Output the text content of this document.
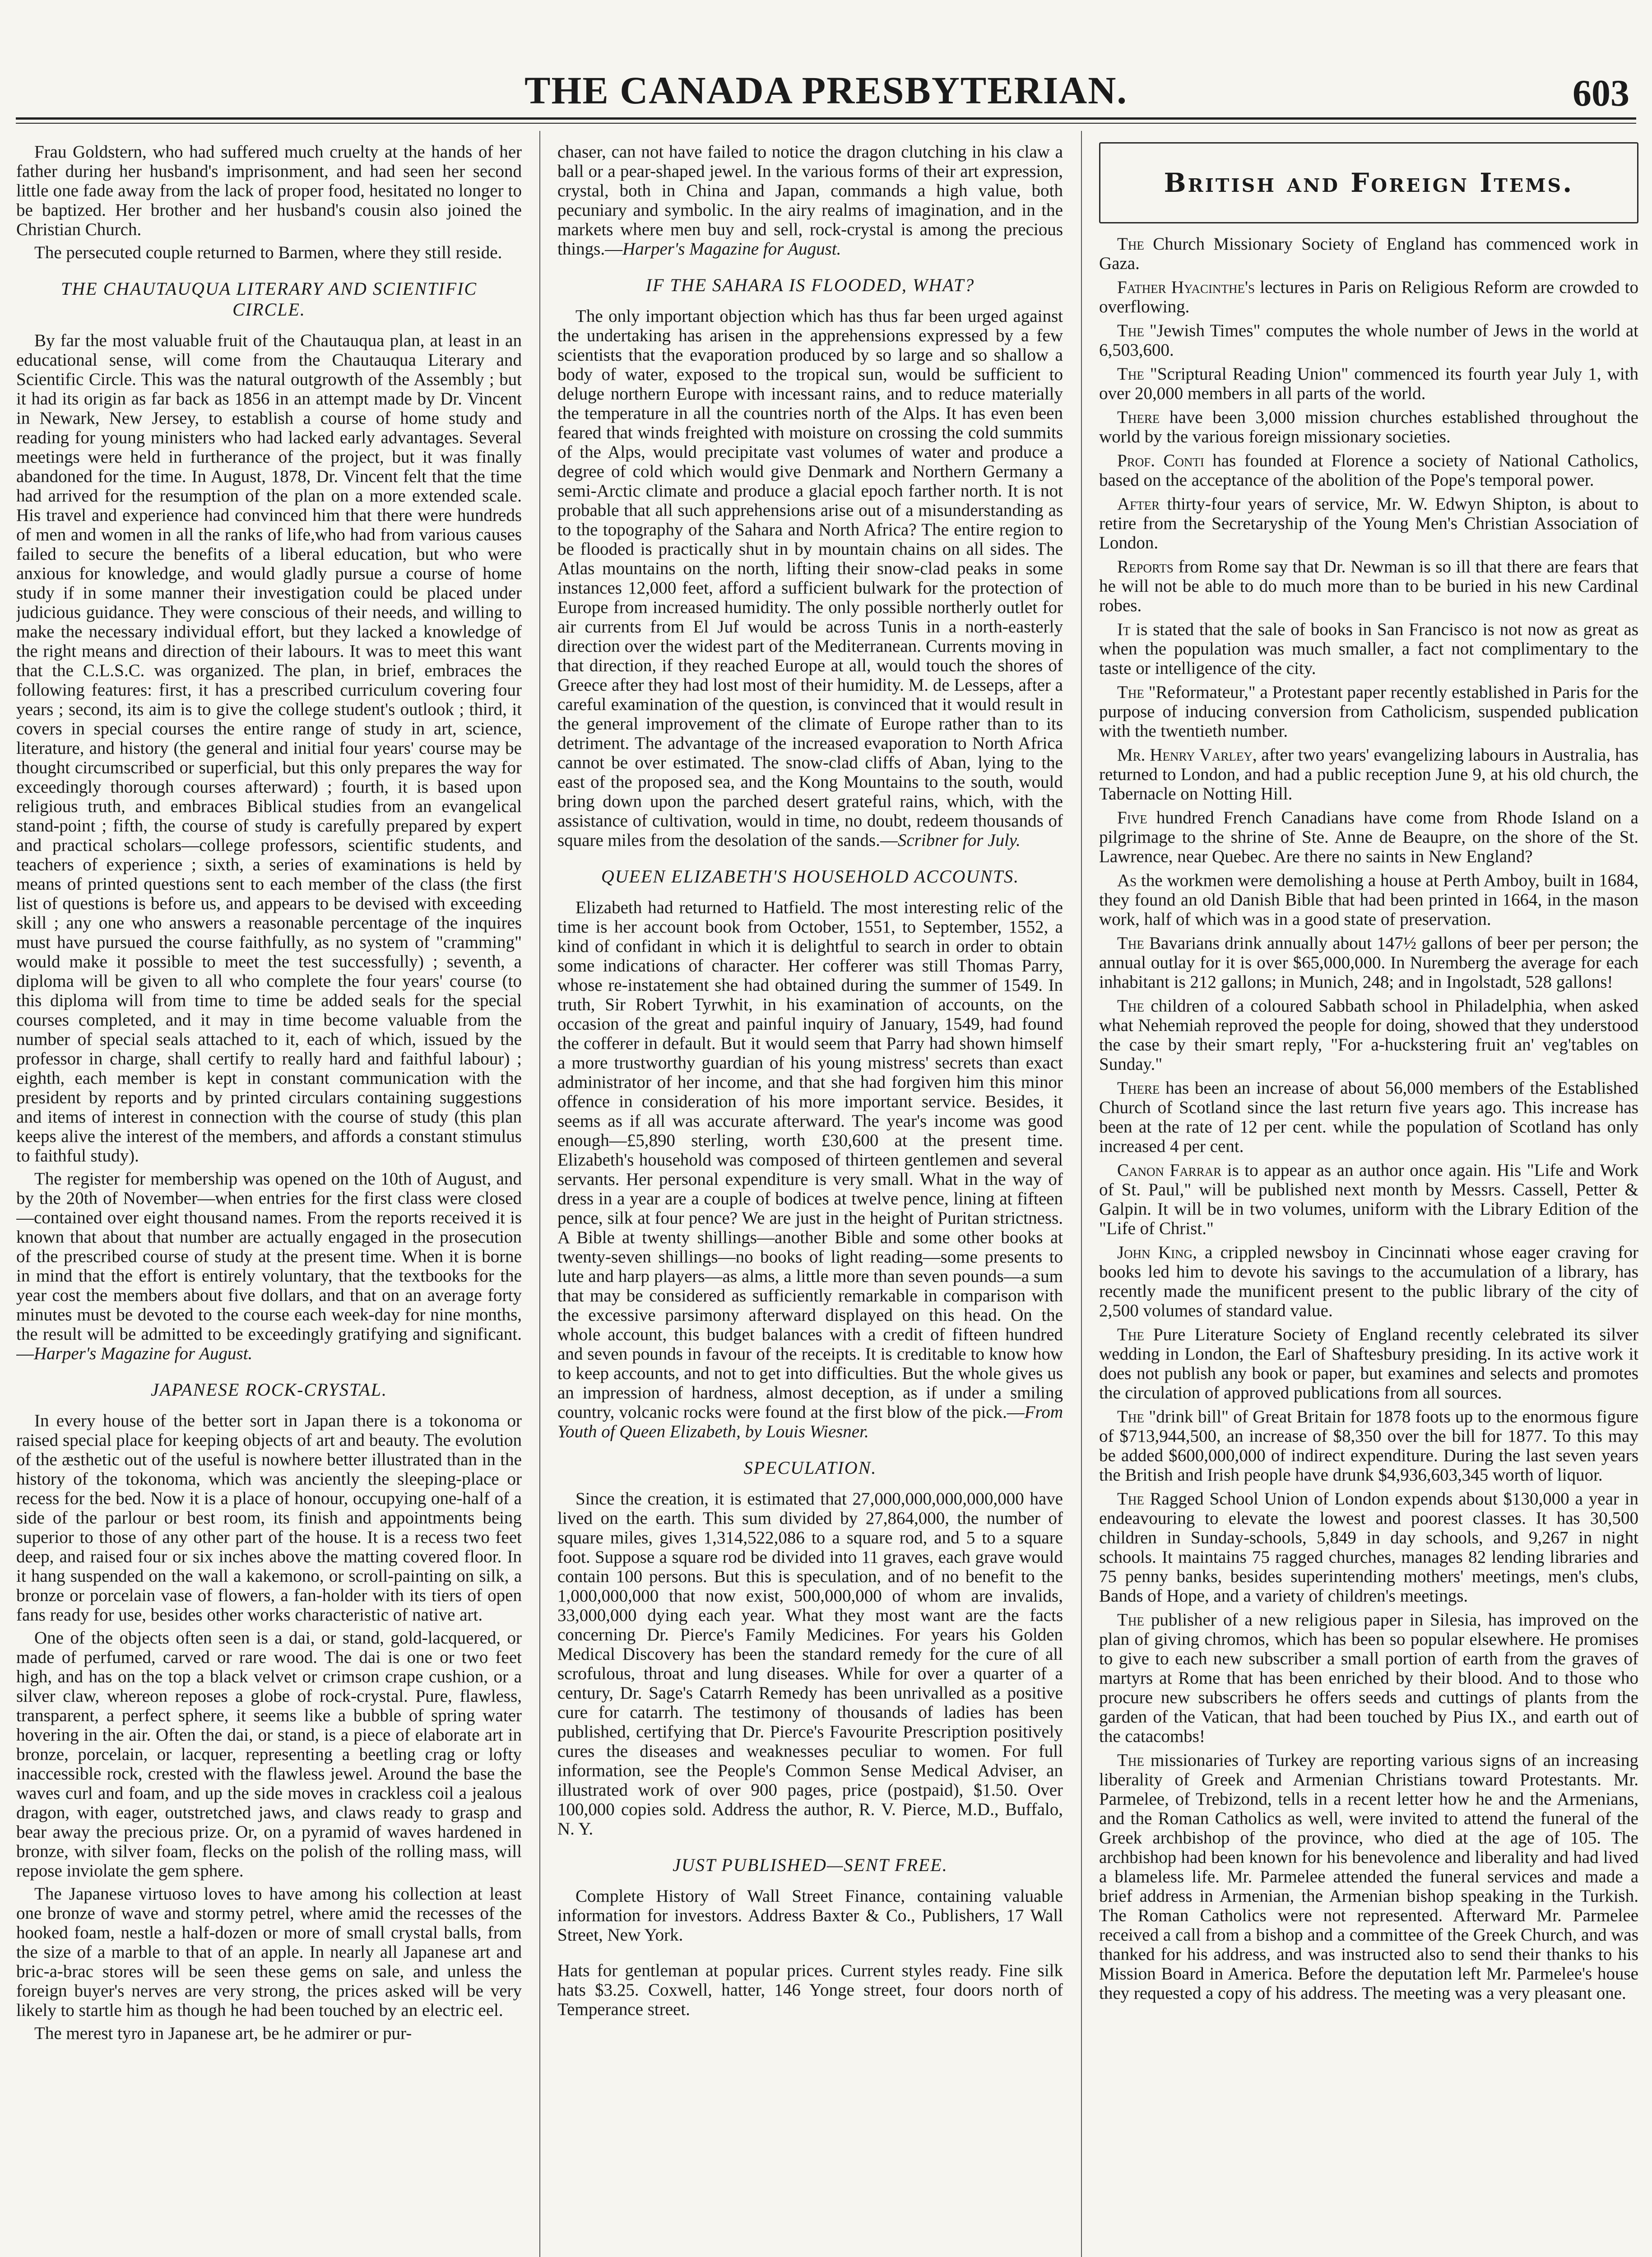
THE CANADA PRESBYTERIAN.	603

Frau Goldstern, who had suffered much cruelty at the hands of her father during her husband's imprisonment, and had seen her second little one fade away from the lack of proper food, hesitated no longer to be baptized. Her brother and her husband's cousin also joined the Christian Church.

The persecuted couple returned to Barmen, where they still reside.

THE CHAUTAUQUA LITERARY AND SCIENTIFIC CIRCLE.

By far the most valuable fruit of the Chautauqua plan, at least in an educational sense, will come from the Chautauqua Literary and Scientific Circle. This was the natural outgrowth of the Assembly ; but it had its origin as far back as 1856 in an attempt made by Dr. Vincent in Newark, New Jersey, to establish a course of home study and reading for young ministers who had lacked early advantages. Several meetings were held in furtherance of the project, but it was finally abandoned for the time. In August, 1878, Dr. Vincent felt that the time had arrived for the resumption of the plan on a more extended scale. His travel and experience had convinced him that there were hundreds of men and women in all the ranks of life,who had from various causes failed to secure the benefits of a liberal education, but who were anxious for knowledge, and would gladly pursue a course of home study if in some manner their investigation could be placed under judicious guidance. They were conscious of their needs, and willing to make the necessary individual effort, but they lacked a knowledge of the right means and direction of their labours. It was to meet this want that the C.L.S.C. was organized. The plan, in brief, embraces the following features: first, it has a prescribed curriculum covering four years ; second, its aim is to give the college student's outlook ; third, it covers in special courses the entire range of study in art, science, literature, and history (the general and initial four years' course may be thought circumscribed or superficial, but this only prepares the way for exceedingly thorough courses afterward) ; fourth, it is based upon religious truth, and embraces Biblical studies from an evangelical stand-point ; fifth, the course of study is carefully prepared by expert and practical scholars—college professors, scientific students, and teachers of experience ; sixth, a series of examinations is held by means of printed questions sent to each member of the class (the first list of questions is before us, and appears to be devised with exceeding skill ; any one who answers a reasonable percentage of the inquires must have pursued the course faithfully, as no system of "cramming" would make it possible to meet the test successfully) ; seventh, a diploma will be given to all who complete the four years' course (to this diploma will from time to time be added seals for the special courses completed, and it may in time become valuable from the number of special seals attached to it, each of which, issued by the professor in charge, shall certify to really hard and faithful labour) ; eighth, each member is kept in constant communication with the president by reports and by printed circulars containing suggestions and items of interest in connection with the course of study (this plan keeps alive the interest of the members, and affords a constant stimulus to faithful study).

The register for membership was opened on the 10th of August, and by the 20th of November—when entries for the first class were closed—contained over eight thousand names. From the reports received it is known that about that number are actually engaged in the prosecution of the prescribed course of study at the present time. When it is borne in mind that the effort is entirely voluntary, that the textbooks for the year cost the members about five dollars, and that on an average forty minutes must be devoted to the course each week-day for nine months, the result will be admitted to be exceedingly gratifying and significant.—Harper's Magazine for August.

JAPANESE ROCK-CRYSTAL.

In every house of the better sort in Japan there is a tokonoma or raised special place for keeping objects of art and beauty. The evolution of the æsthetic out of the useful is nowhere better illustrated than in the history of the tokonoma, which was anciently the sleeping-place or recess for the bed. Now it is a place of honour, occupying one-half of a side of the parlour or best room, its finish and appointments being superior to those of any other part of the house. It is a recess two feet deep, and raised four or six inches above the matting covered floor. In it hang suspended on the wall a kakemono, or scroll-painting on silk, a bronze or porcelain vase of flowers, a fan-holder with its tiers of open fans ready for use, besides other works characteristic of native art.

One of the objects often seen is a dai, or stand, gold-lacquered, or made of perfumed, carved or rare wood. The dai is one or two feet high, and has on the top a black velvet or crimson crape cushion, or a silver claw, whereon reposes a globe of rock-crystal. Pure, flawless, transparent, a perfect sphere, it seems like a bubble of spring water hovering in the air. Often the dai, or stand, is a piece of elaborate art in bronze, porcelain, or lacquer, representing a beetling crag or lofty inaccessible rock, crested with the flawless jewel. Around the base the waves curl and foam, and up the side moves in crackless coil a jealous dragon, with eager, outstretched jaws, and claws ready to grasp and bear away the precious prize. Or, on a pyramid of waves hardened in bronze, with silver foam, flecks on the polish of the rolling mass, will repose inviolate the gem sphere.

The Japanese virtuoso loves to have among his collection at least one bronze of wave and stormy petrel, where amid the recesses of the hooked foam, nestle a half-dozen or more of small crystal balls, from the size of a marble to that of an apple. In nearly all Japanese art and bric-a-brac stores will be seen these gems on sale, and unless the foreign buyer's nerves are very strong, the prices asked will be very likely to startle him as though he had been touched by an electric eel.

The merest tyro in Japanese art, be he admirer or pur-

chaser, can not have failed to notice the dragon clutching in his claw a ball or a pear-shaped jewel. In the various forms of their art expression, crystal, both in China and Japan, commands a high value, both pecuniary and symbolic. In the airy realms of imagination, and in the markets where men buy and sell, rock-crystal is among the precious things.—Harper's Magazine for August.

IF THE SAHARA IS FLOODED, WHAT?

The only important objection which has thus far been urged against the undertaking has arisen in the apprehensions expressed by a few scientists that the evaporation produced by so large and so shallow a body of water, exposed to the tropical sun, would be sufficient to deluge northern Europe with incessant rains, and to reduce materially the temperature in all the countries north of the Alps. It has even been feared that winds freighted with moisture on crossing the cold summits of the Alps, would precipitate vast volumes of water and produce a degree of cold which would give Denmark and Northern Germany a semi-Arctic climate and produce a glacial epoch farther north. It is not probable that all such apprehensions arise out of a misunderstanding as to the topography of the Sahara and North Africa? The entire region to be flooded is practically shut in by mountain chains on all sides. The Atlas mountains on the north, lifting their snow-clad peaks in some instances 12,000 feet, afford a sufficient bulwark for the protection of Europe from increased humidity. The only possible northerly outlet for air currents from El Juf would be across Tunis in a north-easterly direction over the widest part of the Mediterranean. Currents moving in that direction, if they reached Europe at all, would touch the shores of Greece after they had lost most of their humidity. M. de Lesseps, after a careful examination of the question, is convinced that it would result in the general improvement of the climate of Europe rather than to its detriment. The advantage of the increased evaporation to North Africa cannot be over estimated. The snow-clad cliffs of Aban, lying to the east of the proposed sea, and the Kong Mountains to the south, would bring down upon the parched desert grateful rains, which, with the assistance of cultivation, would in time, no doubt, redeem thousands of square miles from the desolation of the sands.—Scribner for July.

QUEEN ELIZABETH'S HOUSEHOLD ACCOUNTS.

Elizabeth had returned to Hatfield. The most interesting relic of the time is her account book from October, 1551, to September, 1552, a kind of confidant in which it is delightful to search in order to obtain some indications of character. Her cofferer was still Thomas Parry, whose re-instatement she had obtained during the summer of 1549. In truth, Sir Robert Tyrwhit, in his examination of accounts, on the occasion of the great and painful inquiry of January, 1549, had found the cofferer in default. But it would seem that Parry had shown himself a more trustworthy guardian of his young mistress' secrets than exact administrator of her income, and that she had forgiven him this minor offence in consideration of his more important service. Besides, it seems as if all was accurate afterward. The year's income was good enough—£5,890 sterling, worth £30,600 at the present time. Elizabeth's household was composed of thirteen gentlemen and several servants. Her personal expenditure is very small. What in the way of dress in a year are a couple of bodices at twelve pence, lining at fifteen pence, silk at four pence? We are just in the height of Puritan strictness. A Bible at twenty shillings—another Bible and some other books at twenty-seven shillings—no books of light reading—some presents to lute and harp players—as alms, a little more than seven pounds—a sum that may be considered as sufficiently remarkable in comparison with the excessive parsimony afterward displayed on this head. On the whole account, this budget balances with a credit of fifteen hundred and seven pounds in favour of the receipts. It is creditable to know how to keep accounts, and not to get into difficulties. But the whole gives us an impression of hardness, almost deception, as if under a smiling country, volcanic rocks were found at the first blow of the pick.—From Youth of Queen Elizabeth, by Louis Wiesner.

SPECULATION.

Since the creation, it is estimated that 27,000,000,000,000,000 have lived on the earth. This sum divided by 27,864,000, the number of square miles, gives 1,314,522,086 to a square rod, and 5 to a square foot. Suppose a square rod be divided into 11 graves, each grave would contain 100 persons. But this is speculation, and of no benefit to the 1,000,000,000 that now exist, 500,000,000 of whom are invalids, 33,000,000 dying each year. What they most want are the facts concerning Dr. Pierce's Family Medicines. For years his Golden Medical Discovery has been the standard remedy for the cure of all scrofulous, throat and lung diseases. While for over a quarter of a century, Dr. Sage's Catarrh Remedy has been unrivalled as a positive cure for catarrh. The testimony of thousands of ladies has been published, certifying that Dr. Pierce's Favourite Prescription positively cures the diseases and weaknesses peculiar to women. For full information, see the People's Common Sense Medical Adviser, an illustrated work of over 900 pages, price (postpaid), $1.50. Over 100,000 copies sold. Address the author, R. V. Pierce, M.D., Buffalo, N. Y.

JUST PUBLISHED—SENT FREE.

Complete History of Wall Street Finance, containing valuable information for investors. Address Baxter & Co., Publishers, 17 Wall Street, New York.

Hats for gentleman at popular prices. Current styles ready. Fine silk hats $3.25. Coxwell, hatter, 146 Yonge street, four doors north of Temperance street.

British and Foreign Items.

The Church Missionary Society of England has commenced work in Gaza.

Father Hyacinthe's lectures in Paris on Religious Reform are crowded to overflowing.

The "Jewish Times" computes the whole number of Jews in the world at 6,503,600.

The "Scriptural Reading Union" commenced its fourth year July 1, with over 20,000 members in all parts of the world.

There have been 3,000 mission churches established throughout the world by the various foreign missionary societies.

Prof. Conti has founded at Florence a society of National Catholics, based on the acceptance of the abolition of the Pope's temporal power.

After thirty-four years of service, Mr. W. Edwyn Shipton, is about to retire from the Secretaryship of the Young Men's Christian Association of London.

Reports from Rome say that Dr. Newman is so ill that there are fears that he will not be able to do much more than to be buried in his new Cardinal robes.

It is stated that the sale of books in San Francisco is not now as great as when the population was much smaller, a fact not complimentary to the taste or intelligence of the city.

The "Reformateur," a Protestant paper recently established in Paris for the purpose of inducing conversion from Catholicism, suspended publication with the twentieth number.

Mr. Henry Varley, after two years' evangelizing labours in Australia, has returned to London, and had a public reception June 9, at his old church, the Tabernacle on Notting Hill.

Five hundred French Canadians have come from Rhode Island on a pilgrimage to the shrine of Ste. Anne de Beaupre, on the shore of the St. Lawrence, near Quebec. Are there no saints in New England?

As the workmen were demolishing a house at Perth Amboy, built in 1684, they found an old Danish Bible that had been printed in 1664, in the mason work, half of which was in a good state of preservation.

The Bavarians drink annually about 147½ gallons of beer per person; the annual outlay for it is over $65,000,000. In Nuremberg the average for each inhabitant is 212 gallons; in Munich, 248; and in Ingolstadt, 528 gallons!

The children of a coloured Sabbath school in Philadelphia, when asked what Nehemiah reproved the people for doing, showed that they understood the case by their smart reply, "For a-huckstering fruit an' veg'tables on Sunday."

There has been an increase of about 56,000 members of the Established Church of Scotland since the last return five years ago. This increase has been at the rate of 12 per cent. while the population of Scotland has only increased 4 per cent.

Canon Farrar is to appear as an author once again. His "Life and Work of St. Paul," will be published next month by Messrs. Cassell, Petter & Galpin. It will be in two volumes, uniform with the Library Edition of the "Life of Christ."

John King, a crippled newsboy in Cincinnati whose eager craving for books led him to devote his savings to the accumulation of a library, has recently made the munificent present to the public library of the city of 2,500 volumes of standard value.

The Pure Literature Society of England recently celebrated its silver wedding in London, the Earl of Shaftesbury presiding. In its active work it does not publish any book or paper, but examines and selects and promotes the circulation of approved publications from all sources.

The "drink bill" of Great Britain for 1878 foots up to the enormous figure of $713,944,500, an increase of $8,350 over the bill for 1877. To this may be added $600,000,000 of indirect expenditure. During the last seven years the British and Irish people have drunk $4,936,603,345 worth of liquor.

The Ragged School Union of London expends about $130,000 a year in endeavouring to elevate the lowest and poorest classes. It has 30,500 children in Sunday-schools, 5,849 in day schools, and 9,267 in night schools. It maintains 75 ragged churches, manages 82 lending libraries and 75 penny banks, besides superintending mothers' meetings, men's clubs, Bands of Hope, and a variety of children's meetings.

The publisher of a new religious paper in Silesia, has improved on the plan of giving chromos, which has been so popular elsewhere. He promises to give to each new subscriber a small portion of earth from the graves of martyrs at Rome that has been enriched by their blood. And to those who procure new subscribers he offers seeds and cuttings of plants from the garden of the Vatican, that had been touched by Pius IX., and earth out of the catacombs!

The missionaries of Turkey are reporting various signs of an increasing liberality of Greek and Armenian Christians toward Protestants. Mr. Parmelee, of Trebizond, tells in a recent letter how he and the Armenians, and the Roman Catholics as well, were invited to attend the funeral of the Greek archbishop of the province, who died at the age of 105. The archbishop had been known for his benevolence and liberality and had lived a blameless life. Mr. Parmelee attended the funeral services and made a brief address in Armenian, the Armenian bishop speaking in the Turkish. The Roman Catholics were not represented. Afterward Mr. Parmelee received a call from a bishop and a committee of the Greek Church, and was thanked for his address, and was instructed also to send their thanks to his Mission Board in America. Before the deputation left Mr. Parmelee's house they requested a copy of his address. The meeting was a very pleasant one.
